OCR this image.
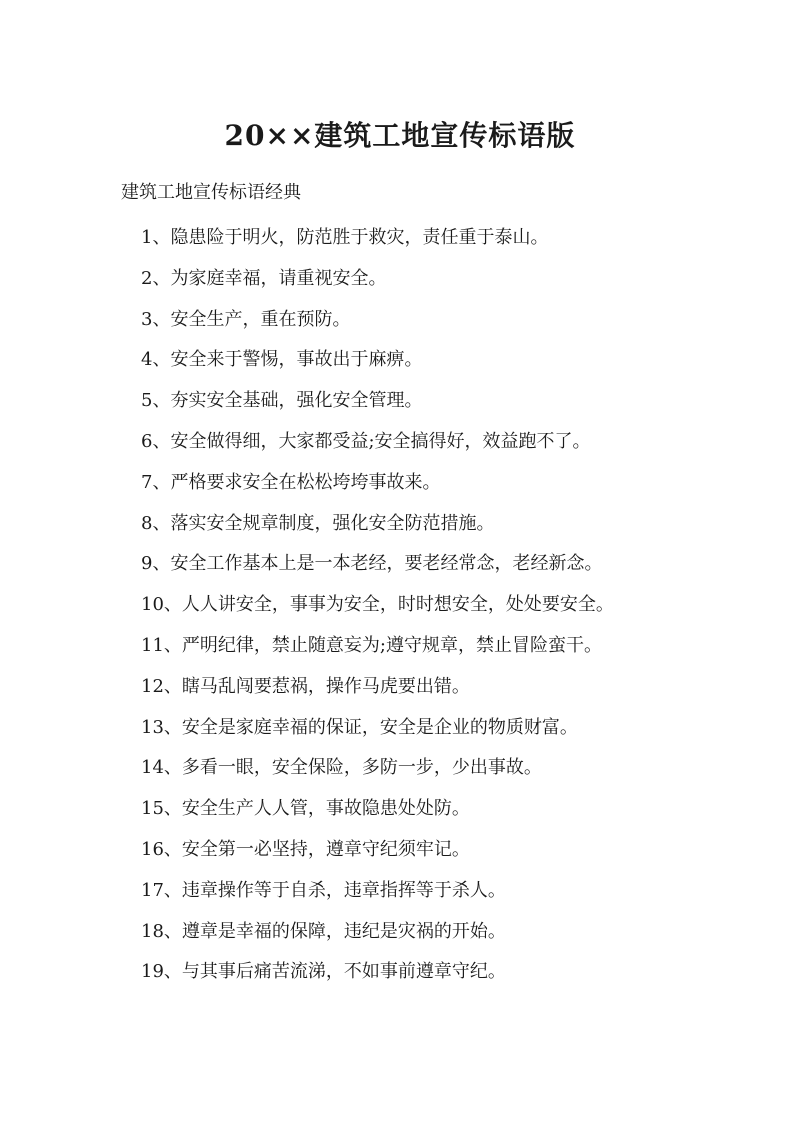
20××建筑工地宣传标语版
建筑工地宣传标语经典
1、隐患险于明火，防范胜于救灾，责任重于泰山。
2、为家庭幸福，请重视安全。
3、安全生产，重在预防。
4、安全来于警惕，事故出于麻痹。
5、夯实安全基础，强化安全管理。
6、安全做得细，大家都受益;安全搞得好，效益跑不了。
7、严格要求安全在松松垮垮事故来。
8、落实安全规章制度，强化安全防范措施。
9、安全工作基本上是一本老经，要老经常念，老经新念。
10、人人讲安全，事事为安全，时时想安全，处处要安全。
11、严明纪律，禁止随意妄为;遵守规章，禁止冒险蛮干。
12、瞎马乱闯要惹祸，操作马虎要出错。
13、安全是家庭幸福的保证，安全是企业的物质财富。
14、多看一眼，安全保险，多防一步，少出事故。
15、安全生产人人管，事故隐患处处防。
16、安全第一必坚持，遵章守纪须牢记。
17、违章操作等于自杀，违章指挥等于杀人。
18、遵章是幸福的保障，违纪是灾祸的开始。
19、与其事后痛苦流涕，不如事前遵章守纪。
